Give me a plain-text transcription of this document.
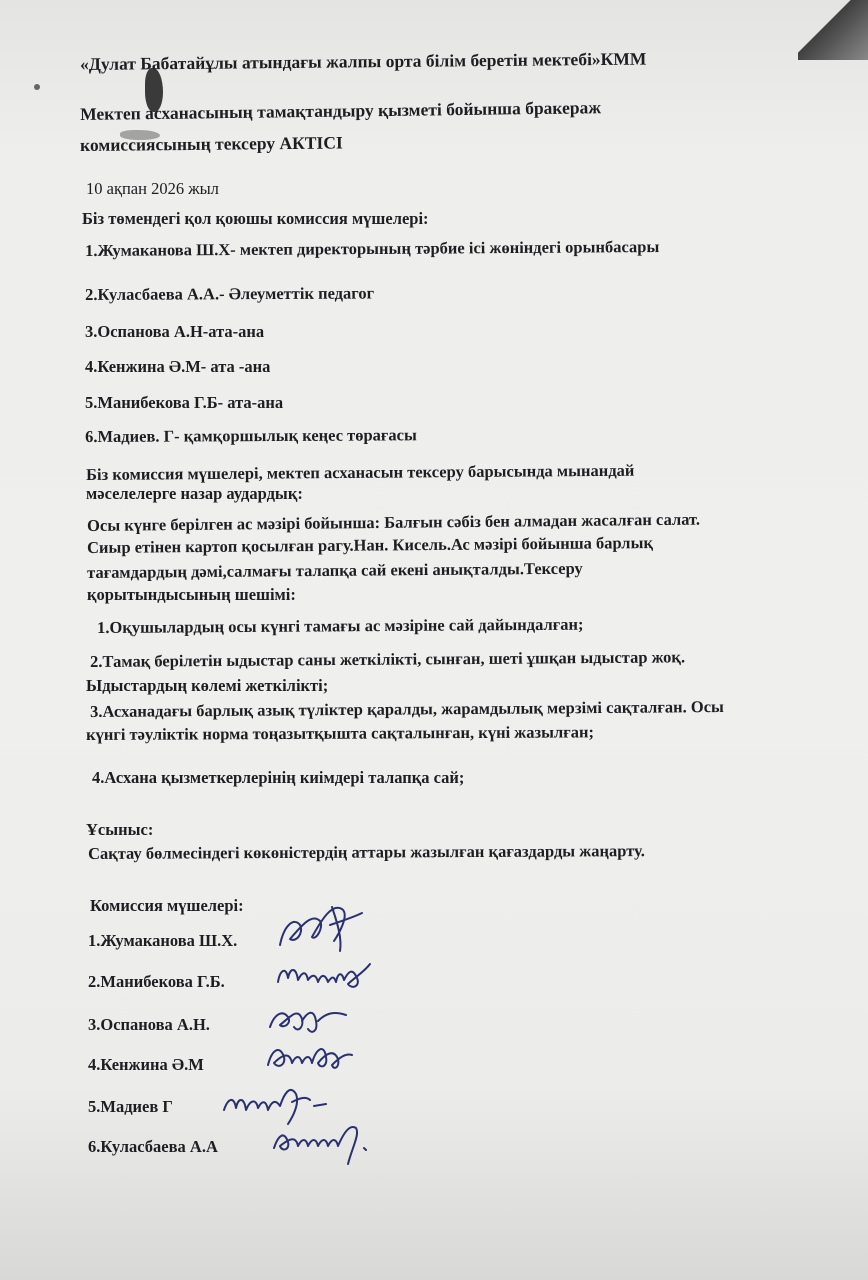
«Дулат Бабатайұлы атындағы жалпы орта білім беретін мектебі»КММ
Мектеп асханасының тамақтандыру қызметі бойынша бракераж
комиссиясының тексеру АКТІСІ
10 ақпан 2026 жыл
Біз төмендегі қол қоюшы комиссия мүшелері:
1.Жумаканова Ш.Х- мектеп директорының тәрбие ісі жөніндегі орынбасары
2.Куласбаева А.А.- Әлеуметтік педагог
3.Оспанова А.Н-ата-ана
4.Кенжина Ә.М- ата -ана
5.Манибекова Г.Б- ата-ана
6.Мадиев. Г- қамқоршылық кеңес төрағасы
Біз комиссия мүшелері, мектеп асханасын тексеру барысында мынандай
мәселелерге назар аудардық:
Осы күнге берілген ас мәзірі бойынша: Балғын сәбіз бен алмадан жасалған салат.
Сиыр етінен картоп қосылған рагу.Нан. Кисель.Ас мәзірі бойынша барлық
тағамдардың дәмі,салмағы талапқа сай екені анықталды.Тексеру
қорытындысының шешімі:
1.Оқушылардың осы күнгі тамағы ас мәзіріне сай дайындалған;
2.Тамақ берілетін ыдыстар саны жеткілікті, сынған, шеті ұшқан ыдыстар жоқ.
Ыдыстардың көлемі жеткілікті;
3.Асханадағы барлық азық түліктер қаралды, жарамдылық мерзімі сақталған. Осы
күнгі тәуліктік норма тоңазытқышта сақталынған, күні жазылған;
4.Асхана қызметкерлерінің киімдері талапқа сай;
Ұсыныс:
Сақтау бөлмесіндегі көкөністердің аттары жазылған қағаздарды жаңарту.
Комиссия мүшелері:
1.Жумаканова Ш.Х.
2.Манибекова Г.Б.
3.Оспанова А.Н.
4.Кенжина Ә.М
5.Мадиев Г
6.Куласбаева А.А
